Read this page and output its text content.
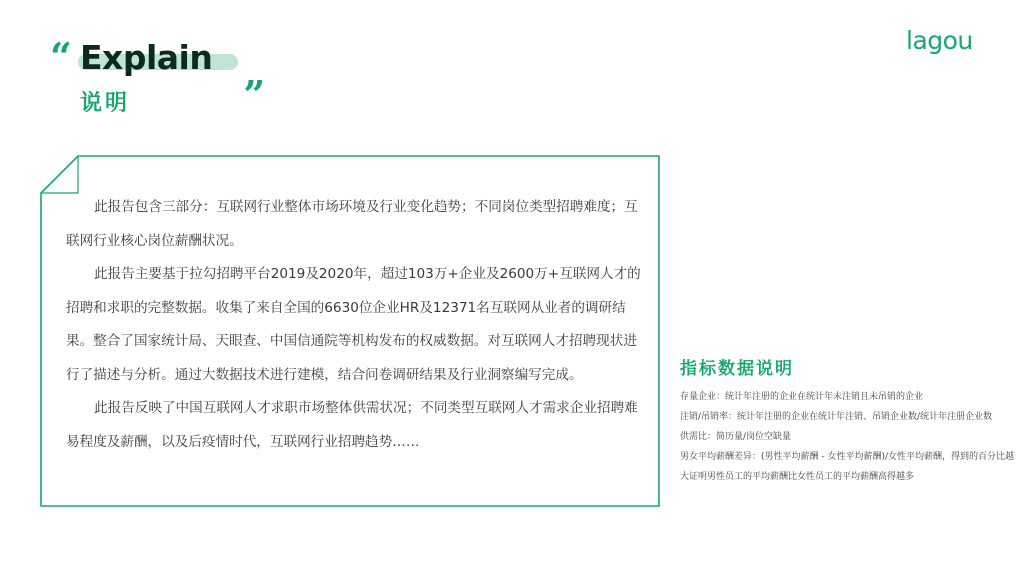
lagou
“ Explain „
说明

此报告包含三部分：互联网行业整体市场环境及行业变化趋势；不同岗位类型招聘难度；互联网行业核心岗位薪酬状况。

此报告主要基于拉勾招聘平台2019及2020年，超过103万+企业及2600万+互联网人才的招聘和求职的完整数据。收集了来自全国的6630位企业HR及12371名互联网从业者的调研结果。整合了国家统计局、天眼查、中国信通院等机构发布的权威数据。对互联网人才招聘现状进行了描述与分析。通过大数据技术进行建模，结合问卷调研结果及行业洞察编写完成。

此报告反映了中国互联网人才求职市场整体供需状况；不同类型互联网人才需求企业招聘难易程度及薪酬，以及后疫情时代，互联网行业招聘趋势……

指标数据说明
存量企业：统计年注册的企业在统计年未注销且未吊销的企业
注销/吊销率：统计年注册的企业在统计年注销、吊销企业数/统计年注册企业数
供需比：简历量/岗位空缺量
男女平均薪酬差异：(男性平均薪酬 - 女性平均薪酬)/女性平均薪酬，得到的百分比越大证明男性员工的平均薪酬比女性员工的平均薪酬高得越多
